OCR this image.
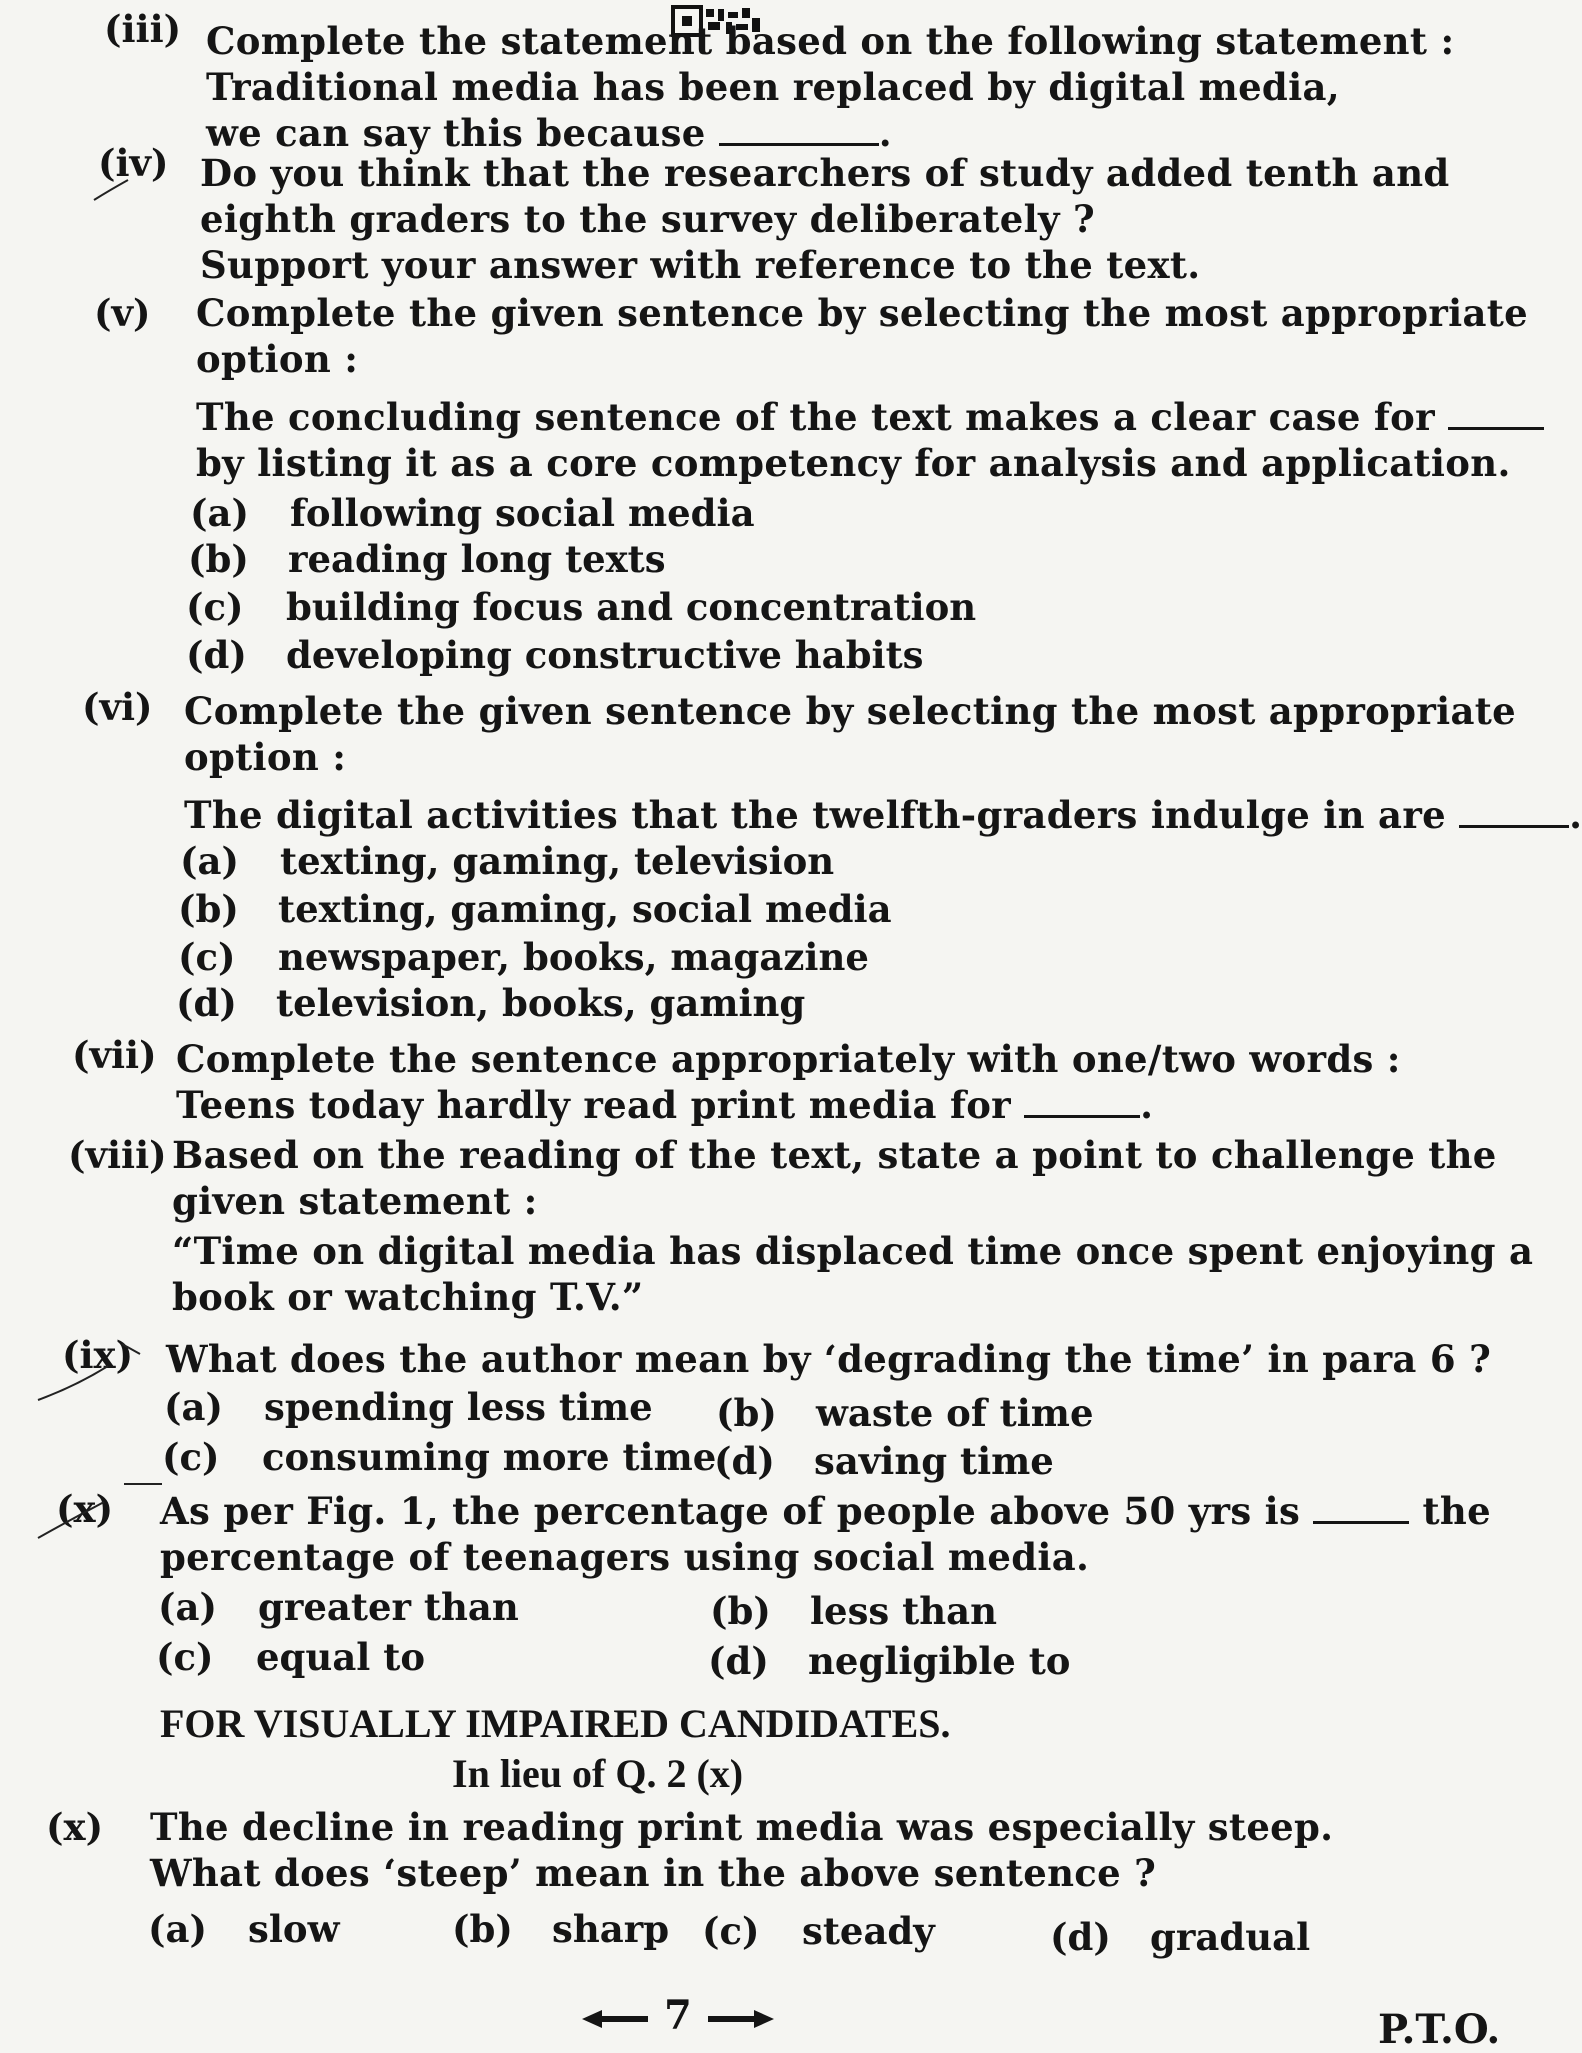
(iii) Complete the statement based on the following statement :
Traditional media has been replaced by digital media,
we can say this because	.
(iv) Do you think that the researchers of study added tenth and
eighth graders to the survey deliberately ?
Support your answer with reference to the text.
(v) Complete the given sentence by selecting the most appropriate
option :
The concluding sentence of the text makes a clear case for
by listing it as a core competency for analysis and application.
(a) following social media
(b) reading long texts
(c) building focus and concentration
(d) developing constructive habits
(vi) Complete the given sentence by selecting the most appropriate
option :
The digital activities that the twelfth-graders indulge in are	.
(a) texting, gaming, television
(b) texting, gaming, social media
(c) newspaper, books, magazine
(d) television, books, gaming
(vii) Complete the sentence appropriately with one/two words :
Teens today hardly read print media for	.
(viii) Based on the reading of the text, state a point to challenge the
given statement :
“Time on digital media has displaced time once spent enjoying a
book or watching T.V.”
(ix) What does the author mean by ‘degrading the time’ in para 6 ?
(a) spending less time (b) waste of time
(c) consuming more time
(d) saving time
(x) As per Fig. 1, the percentage of people above 50 yrs is	the
percentage of teenagers using social media.
(a) greater than	(b) less than
(c) equal to	(d) negligible to
FOR VISUALLY IMPAIRED CANDIDATES.
In lieu of Q. 2 (x)
(x) The decline in reading print media was especially steep.
What does ‘steep’ mean in the above sentence ?
(a) slow	(b) sharp (c) steady	(d) gradual
7	P.T.O.
